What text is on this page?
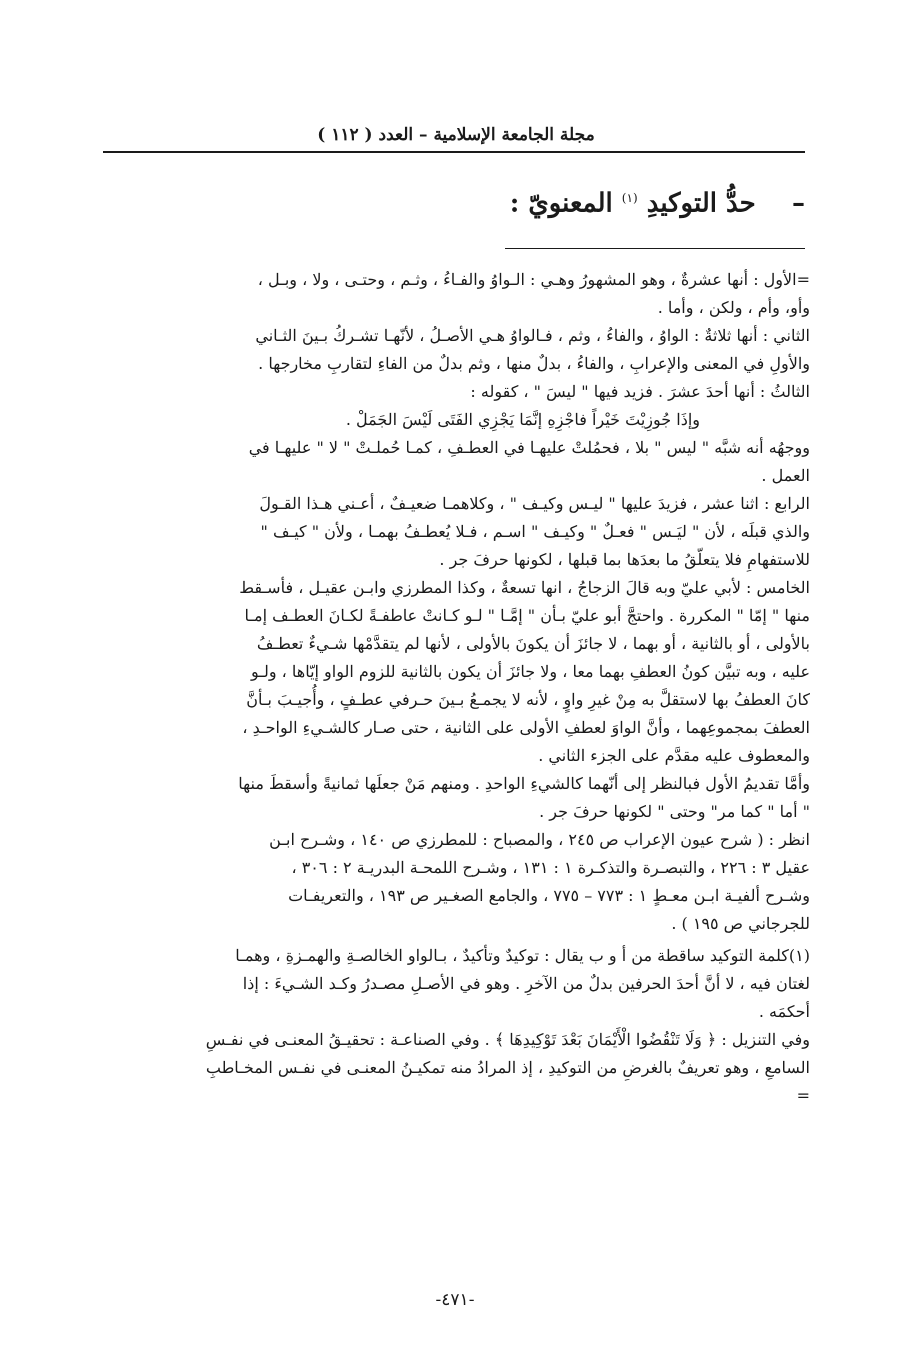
مجلة الجامعة الإسلامية – العدد ( ١١٢ )
–    حدُّ التوكيدِ $^{(١)}$ المعنويّ :

=الأول : أنها عشرةٌ ، وهو المشهورُ وهـي : الـواوُ والفـاءُ ، وثـم ، وحتـى ، ولا ، وبـل ،

وأو، وأم ، ولكن ، وأما .

الثاني : أنها ثلاثةٌ : الواوُ ، والفاءُ ، وثم ، فـالواوُ هـي الأصـلُ ، لأنّهـا تشـركُ بـينَ الثـاني

والأولِ في المعنى والإعرابِ ، والفاءُ ، بدلٌ منها ، وثم بدلٌ من الفاءِ لتقاربِ مخارجها .

الثالثُ : أنها أحدَ عشرَ . فزيد فيها " ليسَ " ، كقوله :

وإذَا جُوزِيْتَ خَيْراً فاجْزِهِ إنَّمَا يَجْزِي الفَتَى لَيْسَ الجَمَلْ .

ووجهُه أنه شبَّه " ليس " بلا ، فحمُلتْ عليهـا في العطـفِ ، كمـا حُملـتْ " لا " عليهـا في

العمل .

الرابع : اثنا عشر ، فزيدَ عليها " ليـس وكيـف " ، وكلاهمـا ضعيـفٌ ، أعـني هـذا القـولَ

والذي قبلَه ، لأن " ليَـس " فعـلٌ " وكيـف " اسـم ، فـلا يُعطـفُ بهمـا ، ولأن " كيـف "

للاستفهامِ فلا يتعلّقُ ما بعدَها بما قبلها ، لكونها حرفَ جر .

الخامس : لأبي عليّ وبه قالَ الزجاجُ ، انها تسعةٌ ، وكذا المطرزي وابـن عقيـل ، فأسـقط

منها " إمّا " المكررة . واحتجَّ أبو عليّ بـأن " إمَّـا " لـو كـانتْ عاطفـةً لكـانَ العطـف إمـا

بالأولى ، أو بالثانية ، أو بهما ، لا جائزَ أن يكونَ بالأولى ، لأنها لم يتقدَّمْها شـيءٌ تعطـفُ

عليه ، وبه تبيَّن كونُ العطفِ بهما معا ، ولا جائزَ أن يكون بالثانية للزوم الواو إيّاها ، ولـو

كانَ العطفُ بها لاستقلَّ به مِنْ غيرِ واوٍ ، لأنه لا يجمـعُ بـينَ حـرفي عطـفٍ ، وأُجيـبَ بـأنَّ

العطفَ بمجموعِهما ، وأنَّ الواوَ لعطفِ الأولى على الثانية ، حتى صـار كالشـيءِ الواحـدِ ،

والمعطوف عليه مقدَّم على الجزء الثاني .

وأمَّا تقديمُ الأول فبالنظر إلى أنّهما كالشيءِ الواحدِ . ومنهم مَنْ جعلَها ثمانيةً وأسقطَ منها

" أما " كما مر" وحتى " لكونها حرفَ جر .

انظر : ( شرح عيون الإعراب ص ٢٤٥ ، والمصباح : للمطرزي ص ١٤٠ ، وشـرح ابـن

عقيل ٣ : ٢٢٦ ، والتبصـرة والتذكـرة ١ : ١٣١ ، وشـرح اللمحـة البدريـة ٢ : ٣٠٦ ،

وشـرح ألفيـة ابـن معـطٍ ١ : ٧٧٣ – ٧٧٥ ، والجامع الصغـير ص ١٩٣ ، والتعريفـات

للجرجاني ص ١٩٥ ) .

(١)كلمة التوكيد ساقطة من أ و ب يقال : توكيدٌ وتأكيدٌ ، بـالواو الخالصـةِ والهمـزةِ ، وهمـا

لغتان فيه ، لا أنَّ أحدَ الحرفين بدلٌ من الآخرِ . وهو في الأصـلِ مصـدرُ وكـد الشـيءَ : إذا

أحكمَه .

وفي التنزيل : ﴿ وَلَا تَنْقُضُوا الْأَيْمَانَ بَعْدَ تَوْكِيدِهَا ﴾ . وفي الصناعـة : تحقيـقُ المعنـى في نفـسِ

السامعِ ، وهو تعريفٌ بالغرضِ من التوكيدِ ، إذ المرادُ منه تمكيـنُ المعنـى في نفـس المخـاطبِ

=

-٤٧١-
